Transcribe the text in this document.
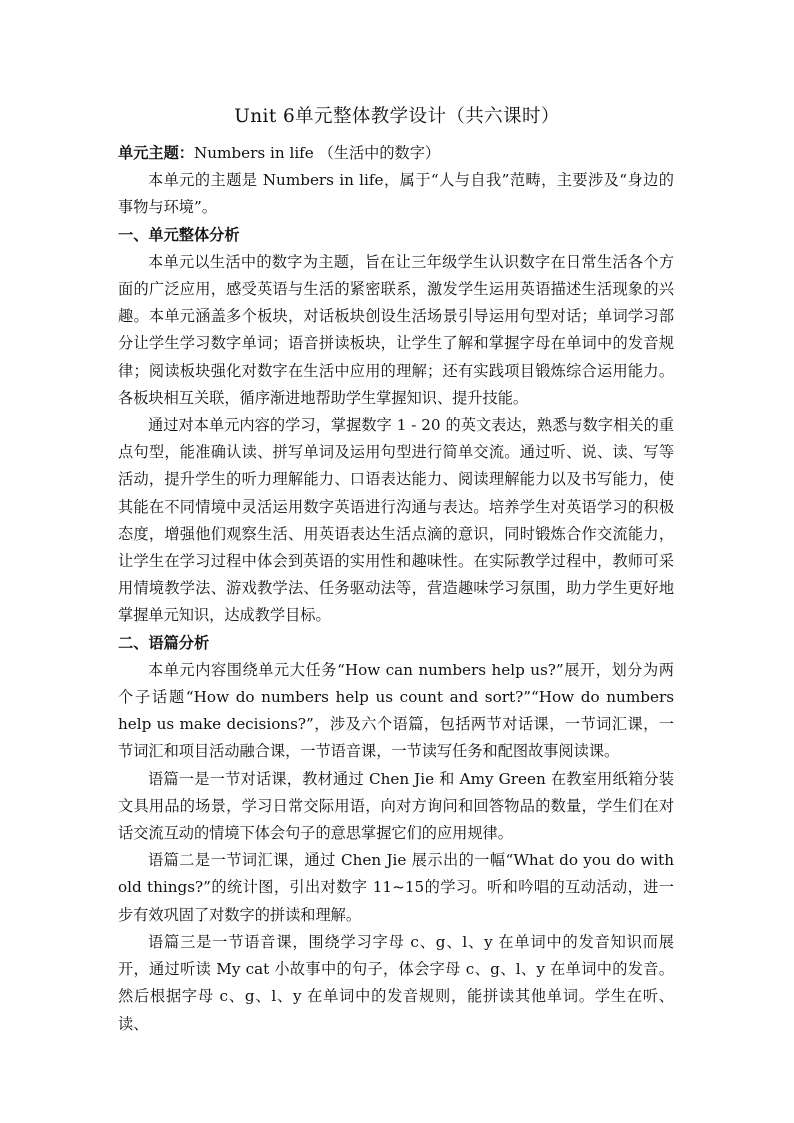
Unit 6单元整体教学设计（共六课时）

单元主题：Numbers in life （生活中的数字）

本单元的主题是 Numbers in life，属于“人与自我”范畴，主要涉及“身边的事物与环境”。

一、单元整体分析

本单元以生活中的数字为主题，旨在让三年级学生认识数字在日常生活各个方面的广泛应用，感受英语与生活的紧密联系，激发学生运用英语描述生活现象的兴趣。本单元涵盖多个板块，对话板块创设生活场景引导运用句型对话；单词学习部分让学生学习数字单词；语音拼读板块，让学生了解和掌握字母在单词中的发音规律；阅读板块强化对数字在生活中应用的理解；还有实践项目锻炼综合运用能力。各板块相互关联，循序渐进地帮助学生掌握知识、提升技能。

通过对本单元内容的学习，掌握数字 1 - 20 的英文表达，熟悉与数字相关的重点句型，能准确认读、拼写单词及运用句型进行简单交流。通过听、说、读、写等活动，提升学生的听力理解能力、口语表达能力、阅读理解能力以及书写能力，使其能在不同情境中灵活运用数字英语进行沟通与表达。培养学生对英语学习的积极态度，增强他们观察生活、用英语表达生活点滴的意识，同时锻炼合作交流能力，让学生在学习过程中体会到英语的实用性和趣味性。在实际教学过程中，教师可采用情境教学法、游戏教学法、任务驱动法等，营造趣味学习氛围，助力学生更好地掌握单元知识，达成教学目标。

二、语篇分析

本单元内容围绕单元大任务“How can numbers help us?”展开，划分为两个子话题“How do numbers help us count and sort?”“How do numbers help us make decisions?”，涉及六个语篇，包括两节对话课，一节词汇课，一节词汇和项目活动融合课，一节语音课，一节读写任务和配图故事阅读课。

语篇一是一节对话课，教材通过 Chen Jie 和 Amy Green 在教室用纸箱分装文具用品的场景，学习日常交际用语，向对方询问和回答物品的数量，学生们在对话交流互动的情境下体会句子的意思掌握它们的应用规律。

语篇二是一节词汇课，通过 Chen Jie 展示出的一幅“What do you do with old things?”的统计图，引出对数字 11~15的学习。听和吟唱的互动活动，进一步有效巩固了对数字的拼读和理解。

语篇三是一节语音课，围绕学习字母 c、g、l、y 在单词中的发音知识而展开，通过听读 My cat 小故事中的句子，体会字母 c、g、l、y 在单词中的发音。然后根据字母 c、g、l、y 在单词中的发音规则，能拼读其他单词。学生在听、读、
